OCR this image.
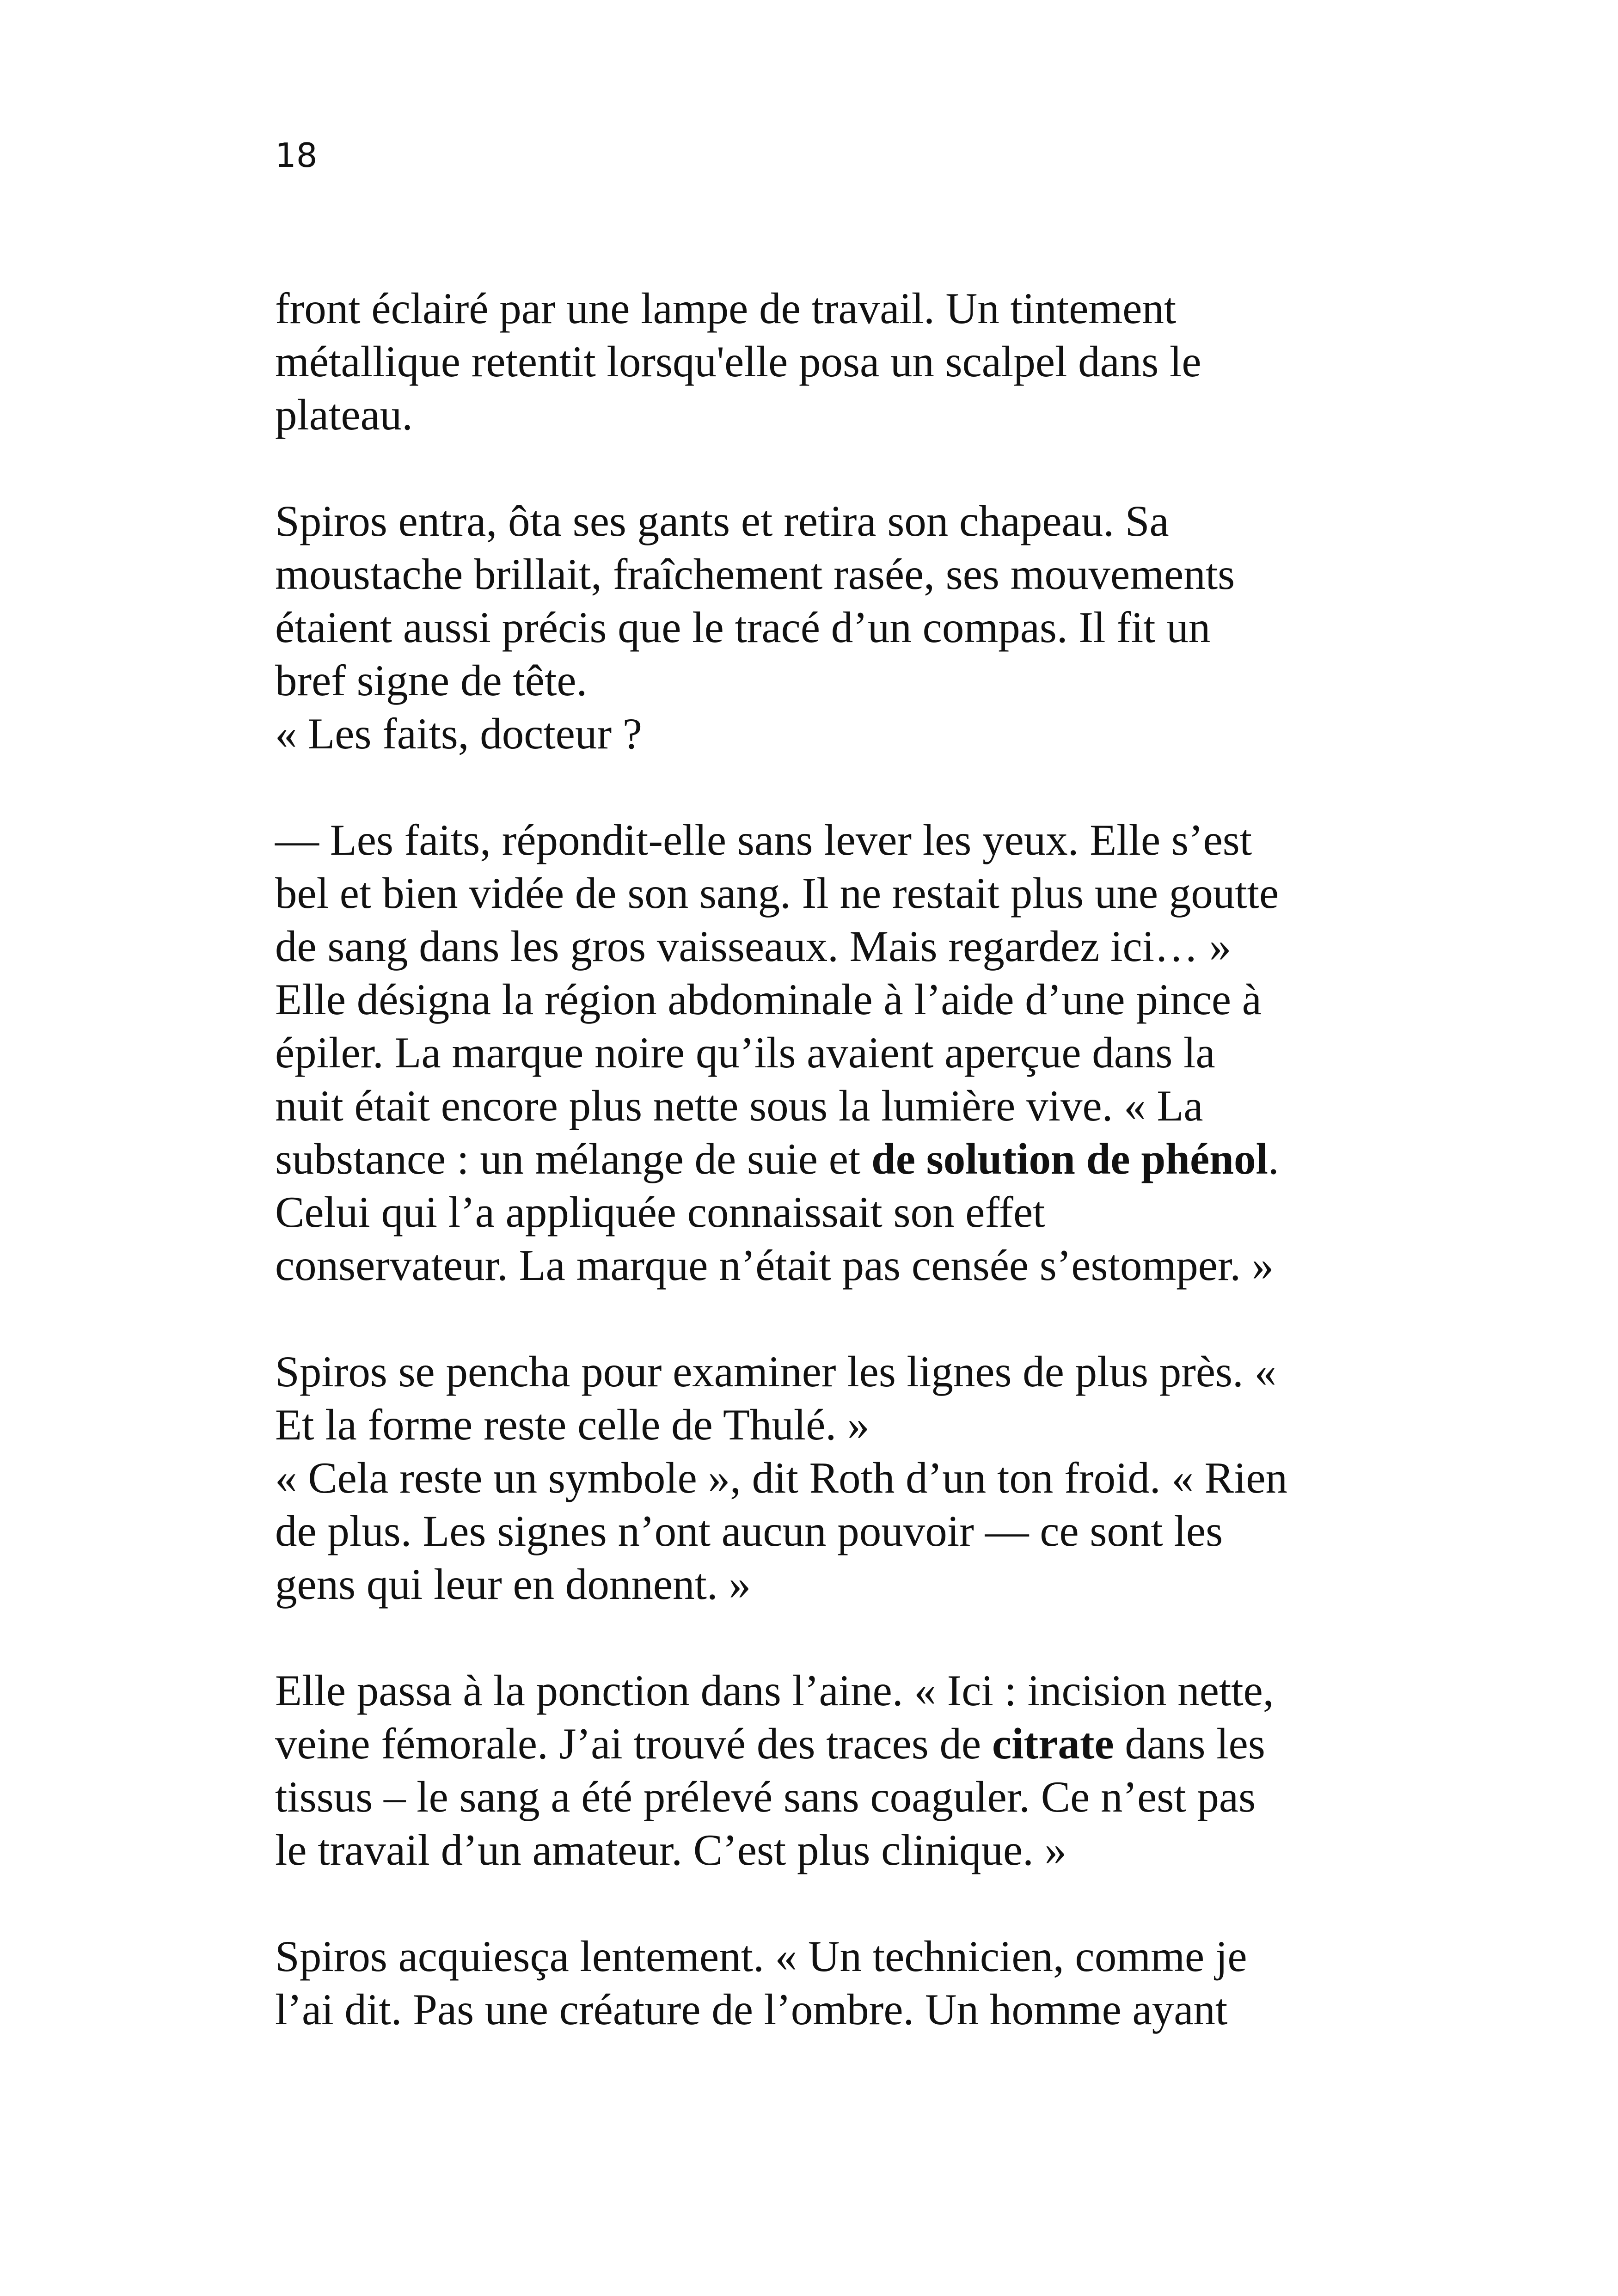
18

front éclairé par une lampe de travail. Un tintement
métallique retentit lorsqu'elle posa un scalpel dans le
plateau.

Spiros entra, ôta ses gants et retira son chapeau. Sa
moustache brillait, fraîchement rasée, ses mouvements
étaient aussi précis que le tracé d’un compas. Il fit un
bref signe de tête.
« Les faits, docteur ?

— Les faits, répondit-elle sans lever les yeux. Elle s’est
bel et bien vidée de son sang. Il ne restait plus une goutte
de sang dans les gros vaisseaux. Mais regardez ici… »
Elle désigna la région abdominale à l’aide d’une pince à
épiler. La marque noire qu’ils avaient aperçue dans la
nuit était encore plus nette sous la lumière vive. « La
substance : un mélange de suie et de solution de phénol.
Celui qui l’a appliquée connaissait son effet
conservateur. La marque n’était pas censée s’estomper. »

Spiros se pencha pour examiner les lignes de plus près. «
Et la forme reste celle de Thulé. »
« Cela reste un symbole », dit Roth d’un ton froid. « Rien
de plus. Les signes n’ont aucun pouvoir — ce sont les
gens qui leur en donnent. »

Elle passa à la ponction dans l’aine. « Ici : incision nette,
veine fémorale. J’ai trouvé des traces de citrate dans les
tissus – le sang a été prélevé sans coaguler. Ce n’est pas
le travail d’un amateur. C’est plus clinique. »

Spiros acquiesça lentement. « Un technicien, comme je
l’ai dit. Pas une créature de l’ombre. Un homme ayant
